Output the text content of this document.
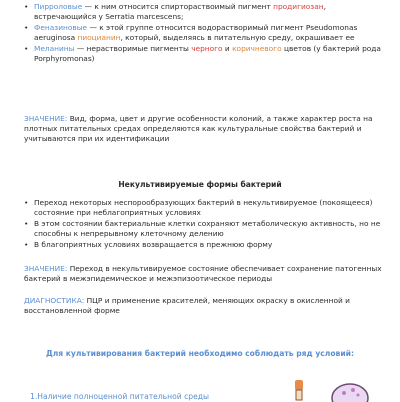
• Пирроловые — к ним относится спиртораствоимый пигмент продигиозан, встречающийся у Serratia marcescens;
• Феназиновые — к этой группе относится водорастворимый пигмент Pseudomonas aeruginosa пиоцианин, который, выделяясь в питательную среду, окрашивает ее
• Меланины — нерастворимые пигменты черного и коричневого цветов (у бактерий рода Porphyromonas)
ЗНАЧЕНИЕ: Вид, форма, цвет и другие особенности колоний, а также характер роста на плотных питательных средах определяются как культуральные свойства бактерий и учитываются при их идентификации
Некультивируемые формы бактерий
• Переход некоторых неспорообразующих бактерий в некультивируемое (покоящееся) состояние при неблагоприятных условиях
• В этом состоянии бактериальные клетки сохраняют метаболическую активность, но не способны к непрерывному клеточному делению
• В благоприятных условиях возвращается в прежнюю форму
ЗНАЧЕНИЕ: Переход в некультивируемое состояние обеспечивает сохранение патогенных бактерий в межэпидемическое и межэпизоотическое периоды
ДИАГНОСТИКА: ПЦР и применение красителей, меняющих окраску в окисленной и восстановленной форме
Для культивирования бактерий необходимо соблюдать ряд условий:
1.Наличие полноценной питательной среды
